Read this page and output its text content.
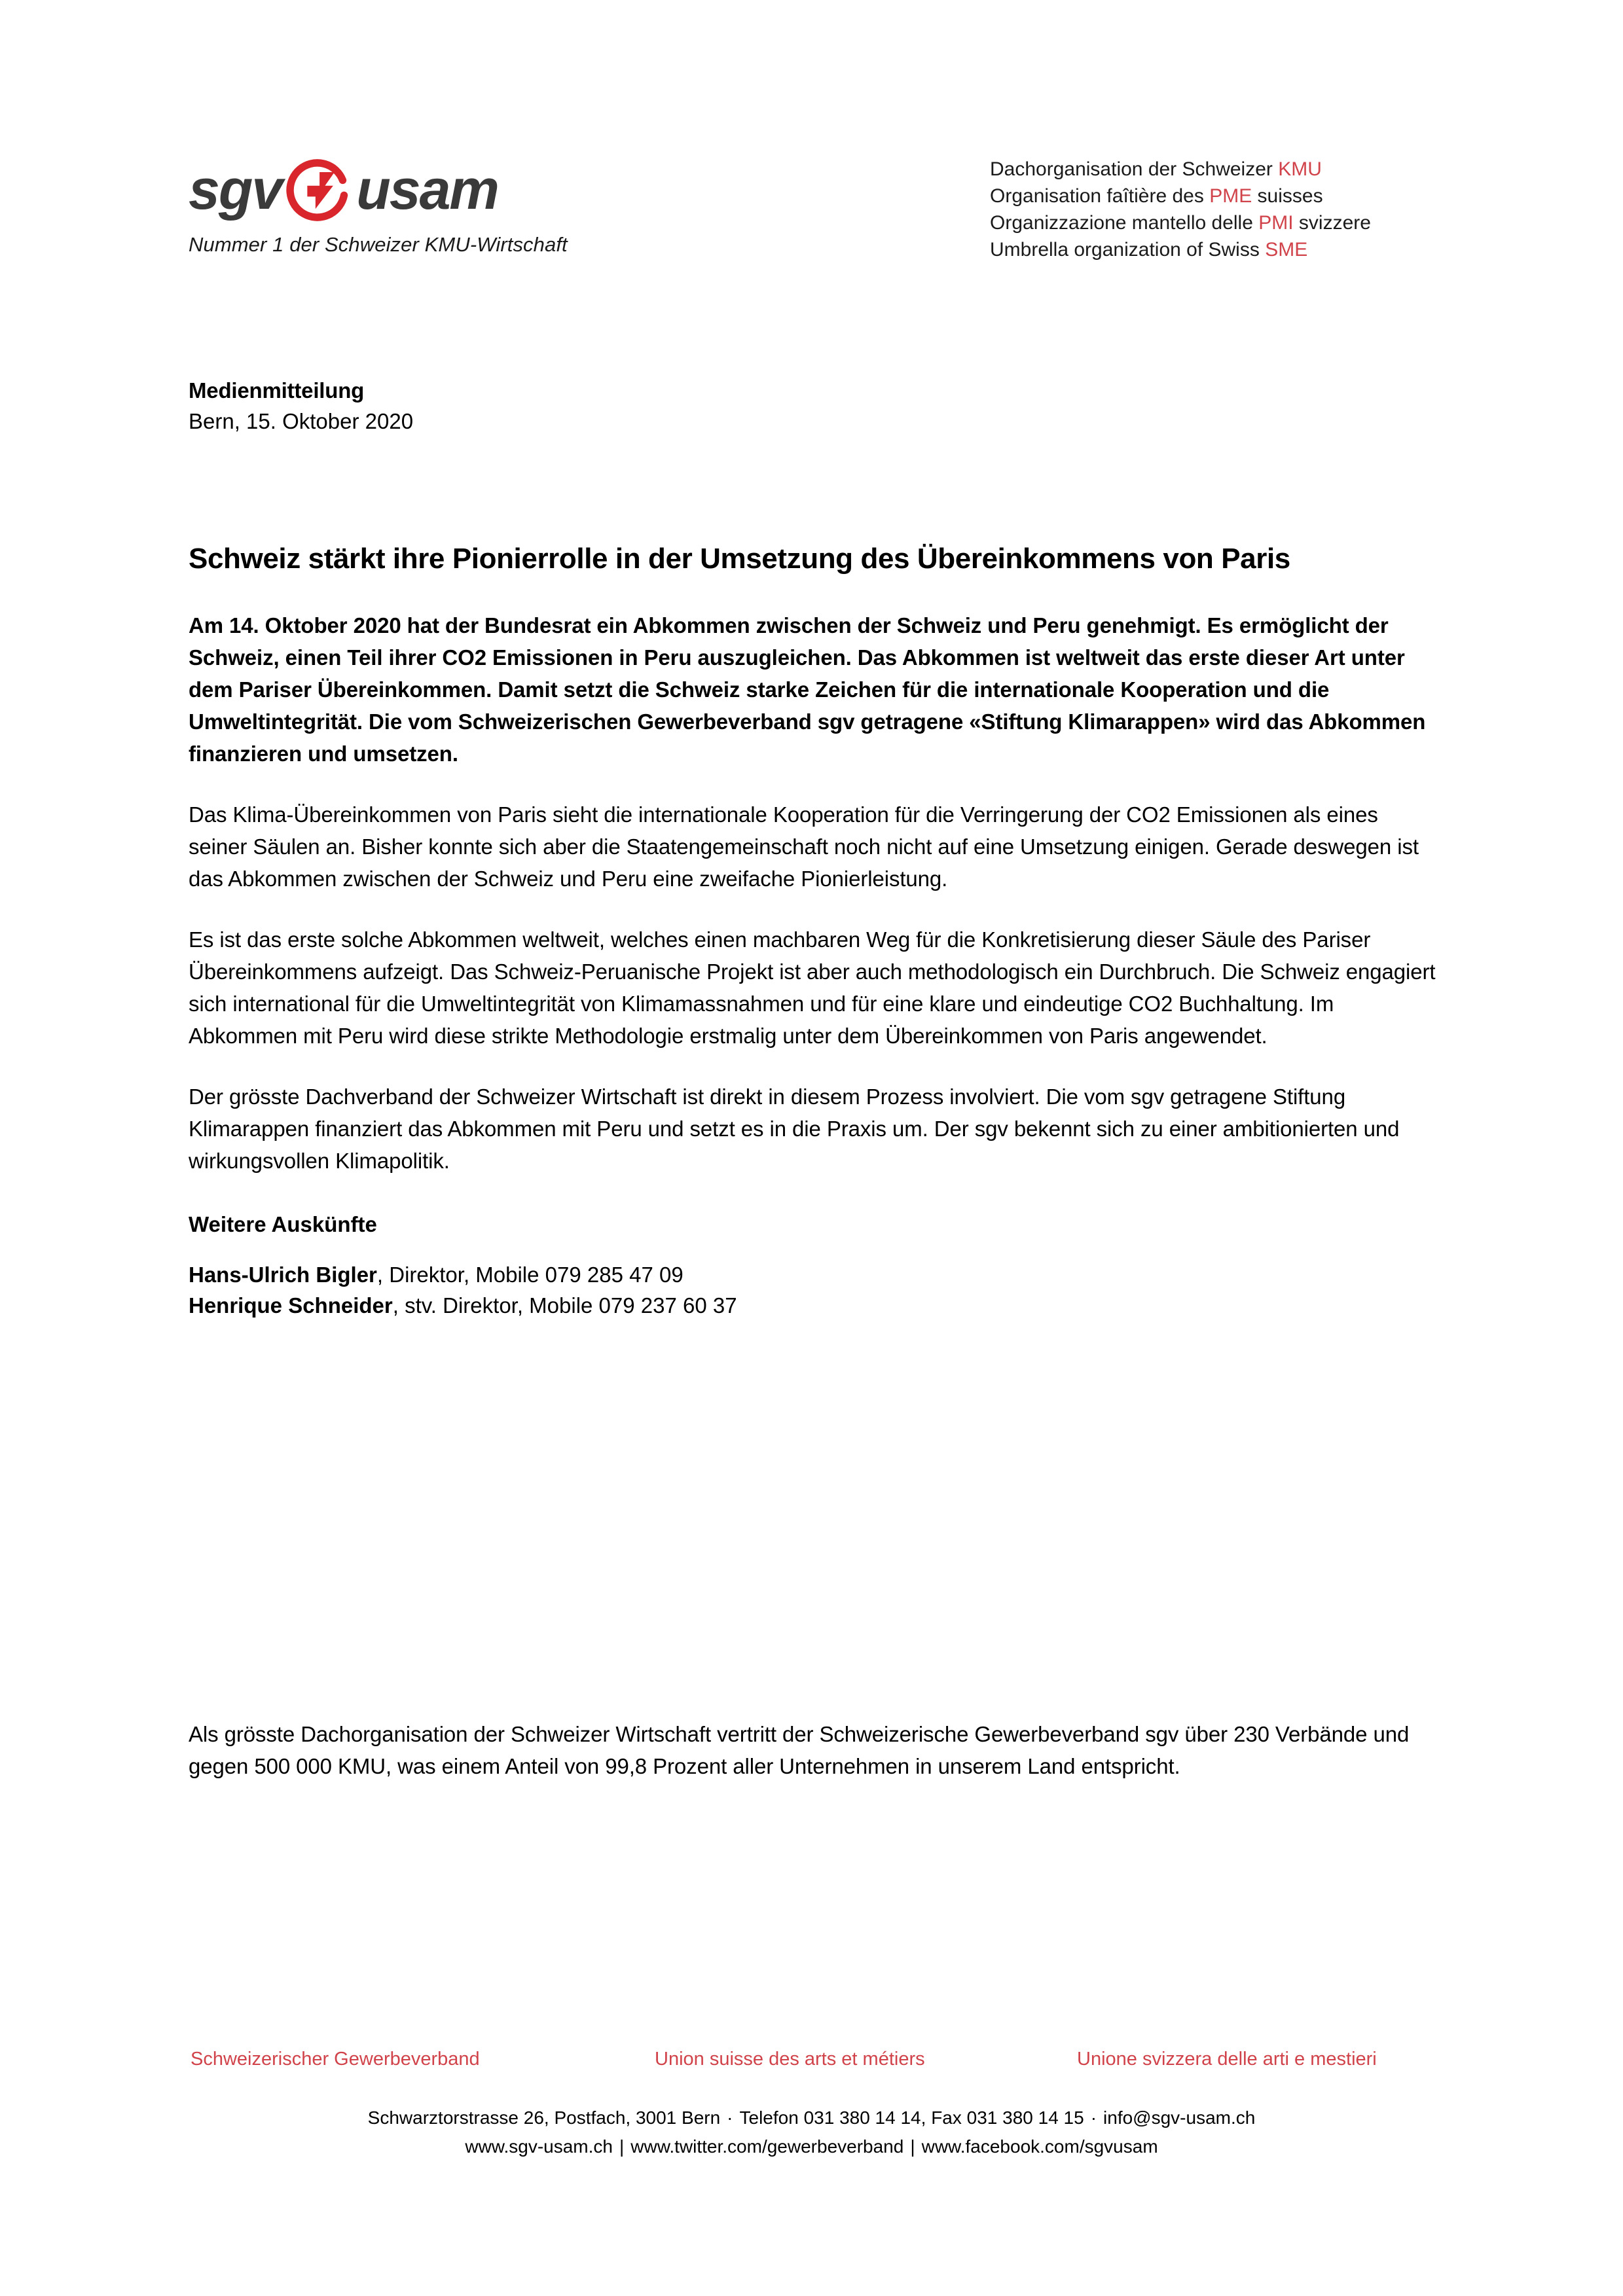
sgv usam
Nummer 1 der Schweizer KMU-Wirtschaft
Dachorganisation der Schweizer KMU
Organisation faîtière des PME suisses
Organizzazione mantello delle PMI svizzere
Umbrella organization of Swiss SME
Medienmitteilung
Bern, 15. Oktober 2020
Schweiz stärkt ihre Pionierrolle in der Umsetzung des Übereinkommens von Paris

Am 14. Oktober 2020 hat der Bundesrat ein Abkommen zwischen der Schweiz und Peru genehmigt. Es ermöglicht der Schweiz, einen Teil ihrer CO2 Emissionen in Peru auszugleichen. Das Abkommen ist weltweit das erste dieser Art unter dem Pariser Übereinkommen. Damit setzt die Schweiz starke Zeichen für die internationale Kooperation und die Umweltintegrität. Die vom Schweizerischen Gewerbeverband sgv getragene «Stiftung Klimarappen» wird das Abkommen finanzieren und umsetzen.

Das Klima-Übereinkommen von Paris sieht die internationale Kooperation für die Verringerung der CO2 Emissionen als eines seiner Säulen an. Bisher konnte sich aber die Staatengemeinschaft noch nicht auf eine Umsetzung einigen. Gerade deswegen ist das Abkommen zwischen der Schweiz und Peru eine zweifache Pionierleistung.

Es ist das erste solche Abkommen weltweit, welches einen machbaren Weg für die Konkretisierung dieser Säule des Pariser Übereinkommens aufzeigt. Das Schweiz-Peruanische Projekt ist aber auch methodologisch ein Durchbruch. Die Schweiz engagiert sich international für die Umweltintegrität von Klimamassnahmen und für eine klare und eindeutige CO2 Buchhaltung. Im Abkommen mit Peru wird diese strikte Methodologie erstmalig unter dem Übereinkommen von Paris angewendet.

Der grösste Dachverband der Schweizer Wirtschaft ist direkt in diesem Prozess involviert. Die vom sgv getragene Stiftung Klimarappen finanziert das Abkommen mit Peru und setzt es in die Praxis um. Der sgv bekennt sich zu einer ambitionierten und wirkungsvollen Klimapolitik.

Weitere Auskünfte
Hans-Ulrich Bigler, Direktor, Mobile 079 285 47 09
Henrique Schneider, stv. Direktor, Mobile 079 237 60 37
Als grösste Dachorganisation der Schweizer Wirtschaft vertritt der Schweizerische Gewerbeverband sgv über 230 Verbände und gegen 500 000 KMU, was einem Anteil von 99,8 Prozent aller Unternehmen in unserem Land entspricht.
Schweizerischer Gewerbeverband	Union suisse des arts et métiers	Unione svizzera delle arti e mestieri
Schwarztorstrasse 26, Postfach, 3001 Bern · Telefon 031 380 14 14, Fax 031 380 14 15 · info@sgv-usam.ch
www.sgv-usam.ch | www.twitter.com/gewerbeverband | www.facebook.com/sgvusam
